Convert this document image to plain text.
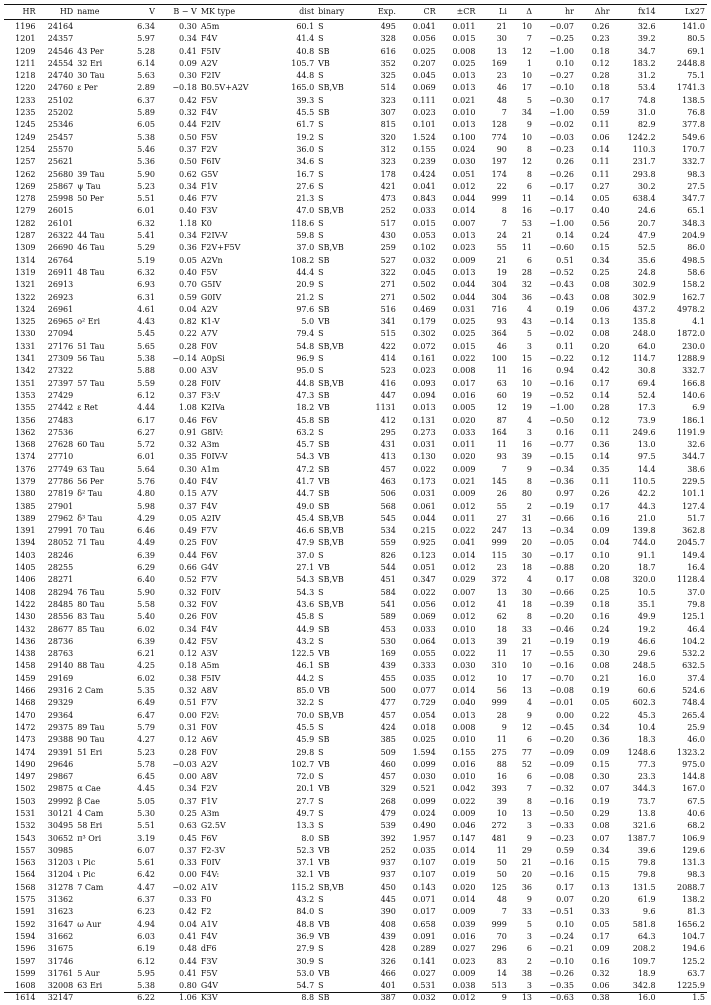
HR	HD	name	V	B − V	MK type	dist	binary	Exp.	CR	±CR	Li	Δ	hr	Δhr	fx14	Lx27
1196	24164		6.34	0.30	A5m	60.1	S	495	0.041	0.011	21	10	−0.07	0.26	32.6	141.0
1201	24357		5.97	0.34	F4V	41.4	S	328	0.056	0.015	30	7	−0.25	0.23	39.2	80.5
1209	24546	43 Per	5.28	0.41	F5IV	40.8	SB	616	0.025	0.008	13	12	−1.00	0.18	34.7	69.1
1211	24554	32 Eri	6.14	0.09	A2V	105.7	VB	352	0.207	0.025	169	1	0.10	0.12	183.2	2448.8
1218	24740	30 Tau	5.63	0.30	F2IV	44.8	S	325	0.045	0.013	23	10	−0.27	0.28	31.2	75.1
1220	24760	ε Per	2.89	−0.18	B0.5V+A2V	165.0	SB,VB	514	0.069	0.013	46	17	−0.10	0.18	53.4	1741.3
1233	25102		6.37	0.42	F5V	39.3	S	323	0.111	0.021	48	5	−0.30	0.17	74.8	138.5
1235	25202		5.89	0.32	F4V	45.5	SB	307	0.023	0.010	7	34	−1.00	0.59	31.0	76.8
1245	25346		6.05	0.44	F2IV	61.7	S	815	0.101	0.013	128	9	−0.02	0.11	82.9	377.8
1249	25457		5.38	0.50	F5V	19.2	S	320	1.524	0.100	774	10	−0.03	0.06	1242.2	549.6
1254	25570		5.46	0.37	F2V	36.0	S	312	0.155	0.024	90	8	−0.23	0.14	110.3	170.7
1257	25621		5.36	0.50	F6IV	34.6	S	323	0.239	0.030	197	12	0.26	0.11	231.7	332.7
1262	25680	39 Tau	5.90	0.62	G5V	16.7	S	178	0.424	0.051	174	8	−0.26	0.11	293.8	98.3
1269	25867	ψ Tau	5.23	0.34	F1V	27.6	S	421	0.041	0.012	22	6	−0.17	0.27	30.2	27.5
1278	25998	50 Per	5.51	0.46	F7V	21.3	S	473	0.843	0.044	999	11	−0.14	0.05	638.4	347.7
1279	26015		6.01	0.40	F3V	47.0	SB,VB	252	0.033	0.014	8	16	−0.17	0.40	24.6	65.1
1282	26101		6.32	1.18	K0	118.6	S	517	0.015	0.007	7	53	−1.00	0.56	20.7	348.3
1287	26322	44 Tau	5.41	0.34	F2IV-V	59.8	S	430	0.053	0.013	24	21	0.14	0.24	47.9	204.9
1309	26690	46 Tau	5.29	0.36	F2V+F5V	37.0	SB,VB	259	0.102	0.023	55	11	−0.60	0.15	52.5	86.0
1314	26764		5.19	0.05	A2Vn	108.2	SB	527	0.032	0.009	21	6	0.51	0.34	35.6	498.5
1319	26911	48 Tau	6.32	0.40	F5V	44.4	S	322	0.045	0.013	19	28	−0.52	0.25	24.8	58.6
1321	26913		6.93	0.70	G5IV	20.9	S	271	0.502	0.044	304	32	−0.43	0.08	302.9	158.2
1322	26923		6.31	0.59	G0IV	21.2	S	271	0.502	0.044	304	36	−0.43	0.08	302.9	162.7
1324	26961		4.61	0.04	A2V	97.6	SB	516	0.469	0.031	716	4	0.19	0.06	437.2	4978.2
1325	26965	o² Eri	4.43	0.82	K1-V	5.0	VB	341	0.179	0.025	93	43	−0.14	0.13	135.8	4.1
1330	27094		5.45	0.22	A7V	79.4	S	515	0.302	0.025	364	5	−0.02	0.08	248.0	1872.0
1331	27176	51 Tau	5.65	0.28	F0V	54.8	SB,VB	422	0.072	0.015	46	3	0.11	0.20	64.0	230.0
1341	27309	56 Tau	5.38	−0.14	A0pSi	96.9	S	414	0.161	0.022	100	15	−0.22	0.12	114.7	1288.9
1342	27322		5.88	0.00	A3V	95.0	S	523	0.023	0.008	11	16	0.94	0.42	30.8	332.7
1351	27397	57 Tau	5.59	0.28	F0IV	44.8	SB,VB	416	0.093	0.017	63	10	−0.16	0.17	69.4	166.8
1353	27429		6.12	0.37	F3:V	47.3	SB	447	0.094	0.016	60	19	−0.52	0.14	52.4	140.6
1355	27442	ε Ret	4.44	1.08	K2IVa	18.2	VB	1131	0.013	0.005	12	19	−1.00	0.28	17.3	6.9
1356	27483		6.17	0.46	F6V	45.8	SB	412	0.131	0.020	87	4	−0.50	0.12	73.9	186.1
1362	27536		6.27	0.91	G8IV:	63.2	S	295	0.273	0.033	164	3	0.16	0.11	249.6	1191.9
1368	27628	60 Tau	5.72	0.32	A3m	45.7	SB	431	0.031	0.011	11	16	−0.77	0.36	13.0	32.6
1374	27710		6.01	0.35	F0IV-V	54.3	VB	413	0.130	0.020	93	39	−0.15	0.14	97.5	344.7
1376	27749	63 Tau	5.64	0.30	A1m	47.2	SB	457	0.022	0.009	7	9	−0.34	0.35	14.4	38.6
1379	27786	56 Per	5.76	0.40	F4V	41.7	VB	463	0.173	0.021	145	8	−0.36	0.11	110.5	229.5
1380	27819	δ² Tau	4.80	0.15	A7V	44.7	SB	506	0.031	0.009	26	80	0.97	0.26	42.2	101.1
1385	27901		5.98	0.37	F4V	49.0	SB	568	0.061	0.012	55	2	−0.19	0.17	44.3	127.4
1389	27962	δ³ Tau	4.29	0.05	A2IV	45.4	SB,VB	545	0.044	0.011	27	31	−0.66	0.16	21.0	51.7
1391	27991	70 Tau	6.46	0.49	F7V	46.6	SB,VB	534	0.215	0.022	247	13	−0.34	0.09	139.8	362.8
1394	28052	71 Tau	4.49	0.25	F0V	47.9	SB,VB	559	0.925	0.041	999	20	−0.05	0.04	744.0	2045.7
1403	28246		6.39	0.44	F6V	37.0	S	826	0.123	0.014	115	30	−0.17	0.10	91.1	149.4
1405	28255		6.29	0.66	G4V	27.1	VB	544	0.051	0.012	23	18	−0.88	0.20	18.7	16.4
1406	28271		6.40	0.52	F7V	54.3	SB,VB	451	0.347	0.029	372	4	0.17	0.08	320.0	1128.4
1408	28294	76 Tau	5.90	0.32	F0IV	54.3	S	584	0.022	0.007	13	30	−0.66	0.25	10.5	37.0
1422	28485	80 Tau	5.58	0.32	F0V	43.6	SB,VB	541	0.056	0.012	41	18	−0.39	0.18	35.1	79.8
1430	28556	83 Tau	5.40	0.26	F0V	45.8	S	589	0.069	0.012	62	8	−0.20	0.16	49.9	125.1
1432	28677	85 Tau	6.02	0.34	F4V	44.9	SB	453	0.033	0.010	18	33	−0.46	0.24	19.2	46.4
1436	28736		6.39	0.42	F5V	43.2	S	530	0.064	0.013	39	21	−0.19	0.19	46.6	104.2
1438	28763		6.21	0.12	A3V	122.5	VB	169	0.055	0.022	11	17	−0.55	0.30	29.6	532.2
1458	29140	88 Tau	4.25	0.18	A5m	46.1	SB	439	0.333	0.030	310	10	−0.16	0.08	248.5	632.5
1459	29169		6.02	0.38	F5IV	44.2	S	455	0.035	0.012	10	17	−0.70	0.21	16.0	37.4
1466	29316	2 Cam	5.35	0.32	A8V	85.0	VB	500	0.077	0.014	56	13	−0.08	0.19	60.6	524.6
1468	29329		6.49	0.51	F7V	32.2	S	477	0.729	0.040	999	4	−0.01	0.05	602.3	748.4
1470	29364		6.47	0.00	F2V:	70.0	SB,VB	457	0.054	0.013	28	9	0.00	0.22	45.3	265.4
1472	29375	89 Tau	5.79	0.31	F0V	45.5	S	424	0.018	0.008	9	12	−0.45	0.34	10.4	25.9
1473	29388	90 Tau	4.27	0.12	A6V	45.9	SB	385	0.025	0.010	11	6	−0.20	0.36	18.3	46.0
1474	29391	51 Eri	5.23	0.28	F0V	29.8	S	509	1.594	0.155	275	77	−0.09	0.09	1248.6	1323.2
1490	29646		5.78	−0.03	A2V	102.7	VB	460	0.099	0.016	88	52	−0.09	0.15	77.3	975.0
1497	29867		6.45	0.00	A8V	72.0	S	457	0.030	0.010	16	6	−0.08	0.30	23.3	144.8
1502	29875	α Cae	4.45	0.34	F2V	20.1	VB	329	0.521	0.042	393	7	−0.32	0.07	344.3	167.0
1503	29992	β Cae	5.05	0.37	F1V	27.7	S	268	0.099	0.022	39	8	−0.16	0.19	73.7	67.5
1531	30121	4 Cam	5.30	0.25	A3m	49.7	S	479	0.024	0.009	10	13	−0.50	0.29	13.8	40.6
1532	30495	58 Eri	5.51	0.63	G2.5V	13.3	S	539	0.490	0.046	272	3	−0.33	0.08	321.6	68.2
1543	30652	π³ Ori	3.19	0.45	F6V	8.0	SB	392	1.957	0.147	481	9	−0.23	0.07	1387.7	106.9
1557	30985		6.07	0.37	F2-3V	52.3	VB	252	0.035	0.014	11	29	0.59	0.34	39.6	129.6
1563	31203	ι Pic	5.61	0.33	F0IV	37.1	VB	937	0.107	0.019	50	21	−0.16	0.15	79.8	131.3
1564	31204	ι Pic	6.42	0.00	F4V:	32.1	VB	937	0.107	0.019	50	20	−0.16	0.15	79.8	98.3
1568	31278	7 Cam	4.47	−0.02	A1V	115.2	SB,VB	450	0.143	0.020	125	36	0.17	0.13	131.5	2088.7
1575	31362		6.37	0.33	F0	43.2	S	445	0.071	0.014	48	9	0.07	0.20	61.9	138.2
1591	31623		6.23	0.42	F2	84.0	S	390	0.017	0.009	7	33	−0.51	0.33	9.6	81.3
1592	31647	ω Aur	4.94	0.04	A1V	48.8	VB	408	0.658	0.039	999	5	0.10	0.05	581.8	1656.2
1594	31662		6.03	0.41	F4V	36.9	VB	439	0.091	0.016	70	3	−0.24	0.17	64.3	104.7
1596	31675		6.19	0.48	dF6	27.9	S	428	0.289	0.027	296	6	−0.21	0.09	208.2	194.6
1597	31746		6.12	0.44	F3V	30.9	S	326	0.141	0.023	83	2	−0.10	0.16	109.7	125.2
1599	31761	5 Aur	5.95	0.41	F5V	53.0	VB	466	0.027	0.009	14	38	−0.26	0.32	18.9	63.7
1608	32008	63 Eri	5.38	0.80	G4V	54.7	S	401	0.531	0.038	513	3	−0.35	0.06	342.8	1225.9
1614	32147		6.22	1.06	K3V	8.8	SB	387	0.032	0.012	9	13	−0.63	0.38	16.0	1.5
